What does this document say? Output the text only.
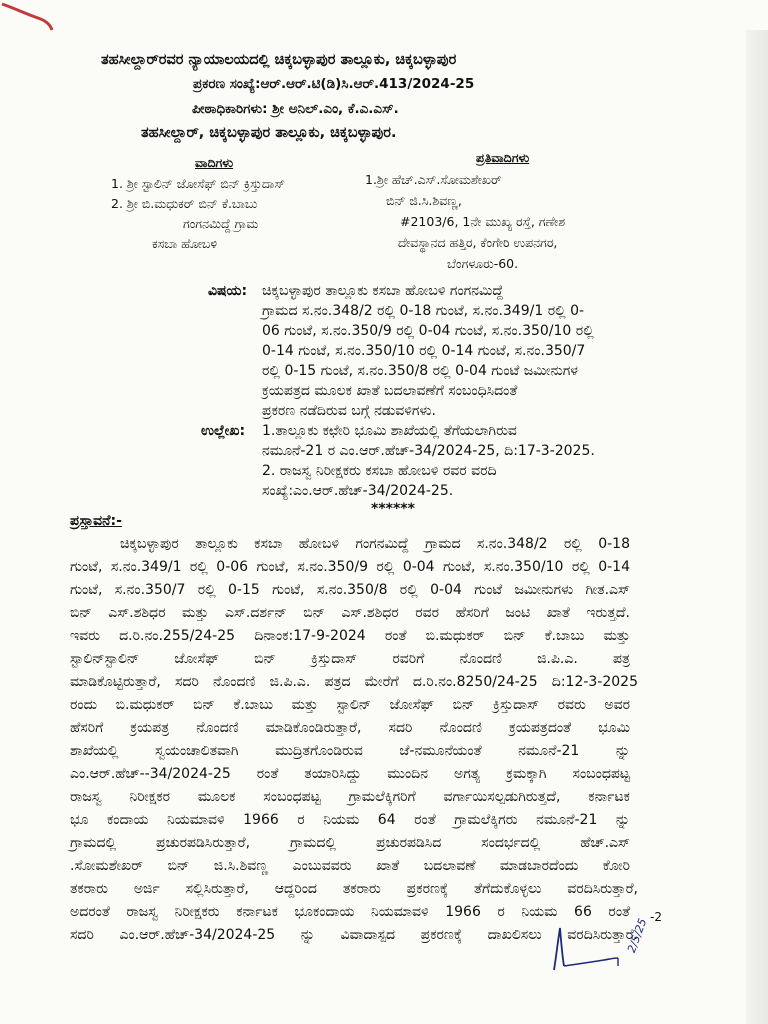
ತಹಸೀಲ್ದಾರ್‌ರವರ ನ್ಯಾಯಾಲಯದಲ್ಲಿ ಚಿಕ್ಕಬಳ್ಳಾಪುರ ತಾಲ್ಲೂಕು, ಚಿಕ್ಕಬಳ್ಳಾಪುರ
ಪ್ರಕರಣ ಸಂಖ್ಯೆ:ಆರ್.ಆರ್.ಟಿ(ಡಿ)ಸಿ.ಆರ್.413/2024-25
ಪೀಠಾಧಿಕಾರಿಗಳು: ಶ್ರೀ ಅನಿಲ್.ಎಂ, ಕೆ.ಎ.ಎಸ್.
ತಹಸೀಲ್ದಾರ್, ಚಿಕ್ಕಬಳ್ಳಾಪುರ ತಾಲ್ಲೂಕು, ಚಿಕ್ಕಬಳ್ಳಾಪುರ.
ವಾದಿಗಳು
1. ಶ್ರೀ ಸ್ಟಾಲಿನ್ ಜೋಸೆಫ್ ಬಿನ್ ಕ್ರಿಸ್ತುದಾಸ್
2. ಶ್ರೀ ಬಿ.ಮಧುಕರ್ ಬಿನ್ ಕೆ.ಬಾಬು
ಗಂಗನಮಿದ್ದೆ ಗ್ರಾಮ
ಕಸಬಾ ಹೋಬಳಿ
ಪ್ರತಿವಾದಿಗಳು
1.ಶ್ರೀ ಹೆಚ್.ಎಸ್.ಸೋಮಶೇಖರ್
ಬಿನ್ ಜಿ.ಸಿ.ಶಿವಣ್ಣ,
#2103/6, 1ನೇ ಮುಖ್ಯ ರಸ್ತೆ, ಗಣೇಶ
ದೇವಸ್ಥಾನದ ಹತ್ತಿರ, ಕೆಂಗೇರಿ ಉಪನಗರ,
ಬೆಂಗಳೂರು-60.
ವಿಷಯ: ಚಿಕ್ಕಬಳ್ಳಾಪುರ ತಾಲ್ಲೂಕು ಕಸಬಾ ಹೋಬಳಿ ಗಂಗನಮಿದ್ದೆ
ಗ್ರಾಮದ ಸ.ನಂ.348/2 ರಲ್ಲಿ 0-18 ಗುಂಟೆ, ಸ.ನಂ.349/1 ರಲ್ಲಿ 0-
06 ಗುಂಟೆ, ಸ.ನಂ.350/9 ರಲ್ಲಿ 0-04 ಗುಂಟೆ, ಸ.ನಂ.350/10 ರಲ್ಲಿ
0-14 ಗುಂಟೆ, ಸ.ನಂ.350/10 ರಲ್ಲಿ 0-14 ಗುಂಟೆ, ಸ.ನಂ.350/7
ರಲ್ಲಿ 0-15 ಗುಂಟೆ, ಸ.ನಂ.350/8 ರಲ್ಲಿ 0-04 ಗುಂಟೆ ಜಮೀನುಗಳ
ಕ್ರಯಪತ್ರದ ಮೂಲಕ ಖಾತೆ ಬದಲಾವಣೆಗೆ ಸಂಬಂಧಿಸಿದಂತೆ
ಪ್ರಕರಣ ನಡೆದಿರುವ ಬಗ್ಗೆ ನಡುವಳಿಗಳು.
ಉಲ್ಲೇಖ: 1.ತಾಲ್ಲೂಕು ಕಛೇರಿ ಭೂಮಿ ಶಾಖೆಯಲ್ಲಿ ತೆಗೆಯಲಾಗಿರುವ
ನಮೂನೆ-21 ರ ಎಂ.ಆರ್.ಹೆಚ್-34/2024-25, ದಿ:17-3-2025.
2. ರಾಜಸ್ವ ನಿರೀಕ್ಷಕರು ಕಸಬಾ ಹೋಬಳಿ ರವರ ವರದಿ
ಸಂಖ್ಯೆ:ಎಂ.ಆರ್.ಹೆಚ್-34/2024-25.
******
ಪ್ರಸ್ತಾವನೆ:-
ಚಿಕ್ಕಬಳ್ಳಾಪುರ ತಾಲ್ಲೂಕು ಕಸಬಾ ಹೋಬಳಿ ಗಂಗನಮಿದ್ದೆ ಗ್ರಾಮದ ಸ.ನಂ.348/2 ರಲ್ಲಿ 0-18
ಗುಂಟೆ, ಸ.ನಂ.349/1 ರಲ್ಲಿ 0-06 ಗುಂಟೆ, ಸ.ನಂ.350/9 ರಲ್ಲಿ 0-04 ಗುಂಟೆ, ಸ.ನಂ.350/10 ರಲ್ಲಿ 0-14
ಗುಂಟೆ, ಸ.ನಂ.350/7 ರಲ್ಲಿ 0-15 ಗುಂಟೆ, ಸ.ನಂ.350/8 ರಲ್ಲಿ 0-04 ಗುಂಟೆ ಜಮೀನುಗಳು ಗೀತ.ಎಸ್
ಬಿನ್ ಎಸ್.ಶಶಿಧರ ಮತ್ತು ಎಸ್.ದರ್ಶನ್ ಬಿನ್ ಎಸ್.ಶಶಿಧರ ರವರ ಹೆಸರಿಗೆ ಜಂಟಿ ಖಾತೆ ಇರುತ್ತದೆ.
ಇವರು ದ.ರಿ.ನಂ.255/24-25 ದಿನಾಂಕ:17-9-2024 ರಂತೆ ಬಿ.ಮಧುಕರ್ ಬಿನ್ ಕೆ.ಬಾಬು ಮತ್ತು
ಸ್ಟಾಲಿನ್‌ಸ್ಟಾಲಿನ್ ಜೋಸೆಫ್ ಬಿನ್ ಕ್ರಿಸ್ತುದಾಸ್ ರವರಿಗೆ ನೊಂದಣಿ ಜಿ.ಪಿ.ಎ. ಪತ್ರ
ಮಾಡಿಕೊಟ್ಟಿರುತ್ತಾರೆ, ಸದರಿ ನೊಂದಣಿ ಜಿ.ಪಿ.ಎ. ಪತ್ರದ ಮೇರೆಗೆ ದ.ರಿ.ನಂ.8250/24-25 ದಿ:12-3-2025
ರಂದು ಬಿ.ಮಧುಕರ್ ಬಿನ್ ಕೆ.ಬಾಬು ಮತ್ತು ಸ್ಟಾಲಿನ್ ಜೋಸೆಫ್ ಬಿನ್ ಕ್ರಿಸ್ತುದಾಸ್ ರವರು ಅವರ
ಹೆಸರಿಗೆ ಕ್ರಯಪತ್ರ ನೊಂದಣಿ ಮಾಡಿಕೊಂಡಿರುತ್ತಾರೆ, ಸದರಿ ನೊಂದಣಿ ಕ್ರಯಪತ್ರದಂತೆ ಭೂಮಿ
ಶಾಖೆಯಲ್ಲಿ ಸ್ವಯಂಚಾಲಿತವಾಗಿ ಮುದ್ರಿತಗೊಂಡಿರುವ ಜೆ-ನಮೂನೆಯಂತೆ ನಮೂನೆ-21 ನ್ನು
ಎಂ.ಆರ್.ಹೆಚ್--34/2024-25 ರಂತೆ ತಯಾರಿಸಿದ್ದು ಮುಂದಿನ ಅಗತ್ಯ ಕ್ರಮಕ್ಕಾಗಿ ಸಂಬಂಧಪಟ್ಟ
ರಾಜಸ್ವ ನಿರೀಕ್ಷಕರ ಮೂಲಕ ಸಂಬಂಧಪಟ್ಟ ಗ್ರಾಮಲೆಕ್ಕಿಗರಿಗೆ ವರ್ಗಾಯಿಸಲ್ಪಡುಗಿರುತ್ತದೆ, ಕರ್ನಾಟಕ
ಭೂ ಕಂದಾಯ ನಿಯಮಾವಳಿ 1966 ರ ನಿಯಮ 64 ರಂತೆ ಗ್ರಾಮಲೆಕ್ಕಿಗರು ನಮೂನೆ-21 ನ್ನು
ಗ್ರಾಮದಲ್ಲಿ ಪ್ರಚುರಪಡಿಸಿರುತ್ತಾರೆ, ಗ್ರಾಮದಲ್ಲಿ ಪ್ರಚುರಪಡಿಸಿದ ಸಂದರ್ಭದಲ್ಲಿ ಹೆಚ್.ಎಸ್
.ಸೋಮಶೇಖರ್ ಬಿನ್ ಜಿ.ಸಿ.ಶಿವಣ್ಣ ಎಂಬುವವರು ಖಾತೆ ಬದಲಾವಣೆ ಮಾಡಬಾರದೆಂದು ಕೋರಿ
ತಕರಾರು ಅರ್ಜಿ ಸಲ್ಲಿಸಿರುತ್ತಾರೆ, ಆದ್ದರಿಂದ ತಕರಾರು ಪ್ರಕರಣಕ್ಕೆ ತೆಗೆದುಕೊಳ್ಳಲು ವರದಿಸಿರುತ್ತಾರೆ,
ಅದರಂತೆ ರಾಜಸ್ವ ನಿರೀಕ್ಷಕರು ಕರ್ನಾಟಕ ಭೂಕಂದಾಯ ನಿಯಮಾವಳಿ 1966 ರ ನಿಯಮ 66 ರಂತೆ
ಸದರಿ ಎಂ.ಆರ್.ಹೆಚ್-34/2024-25 ನ್ನು ವಿವಾದಾಸ್ಪದ ಪ್ರಕರಣಕ್ಕೆ ದಾಖಲಿಸಲು ವರದಿಸಿರುತ್ತಾರೆ.
-2
2/5/25
